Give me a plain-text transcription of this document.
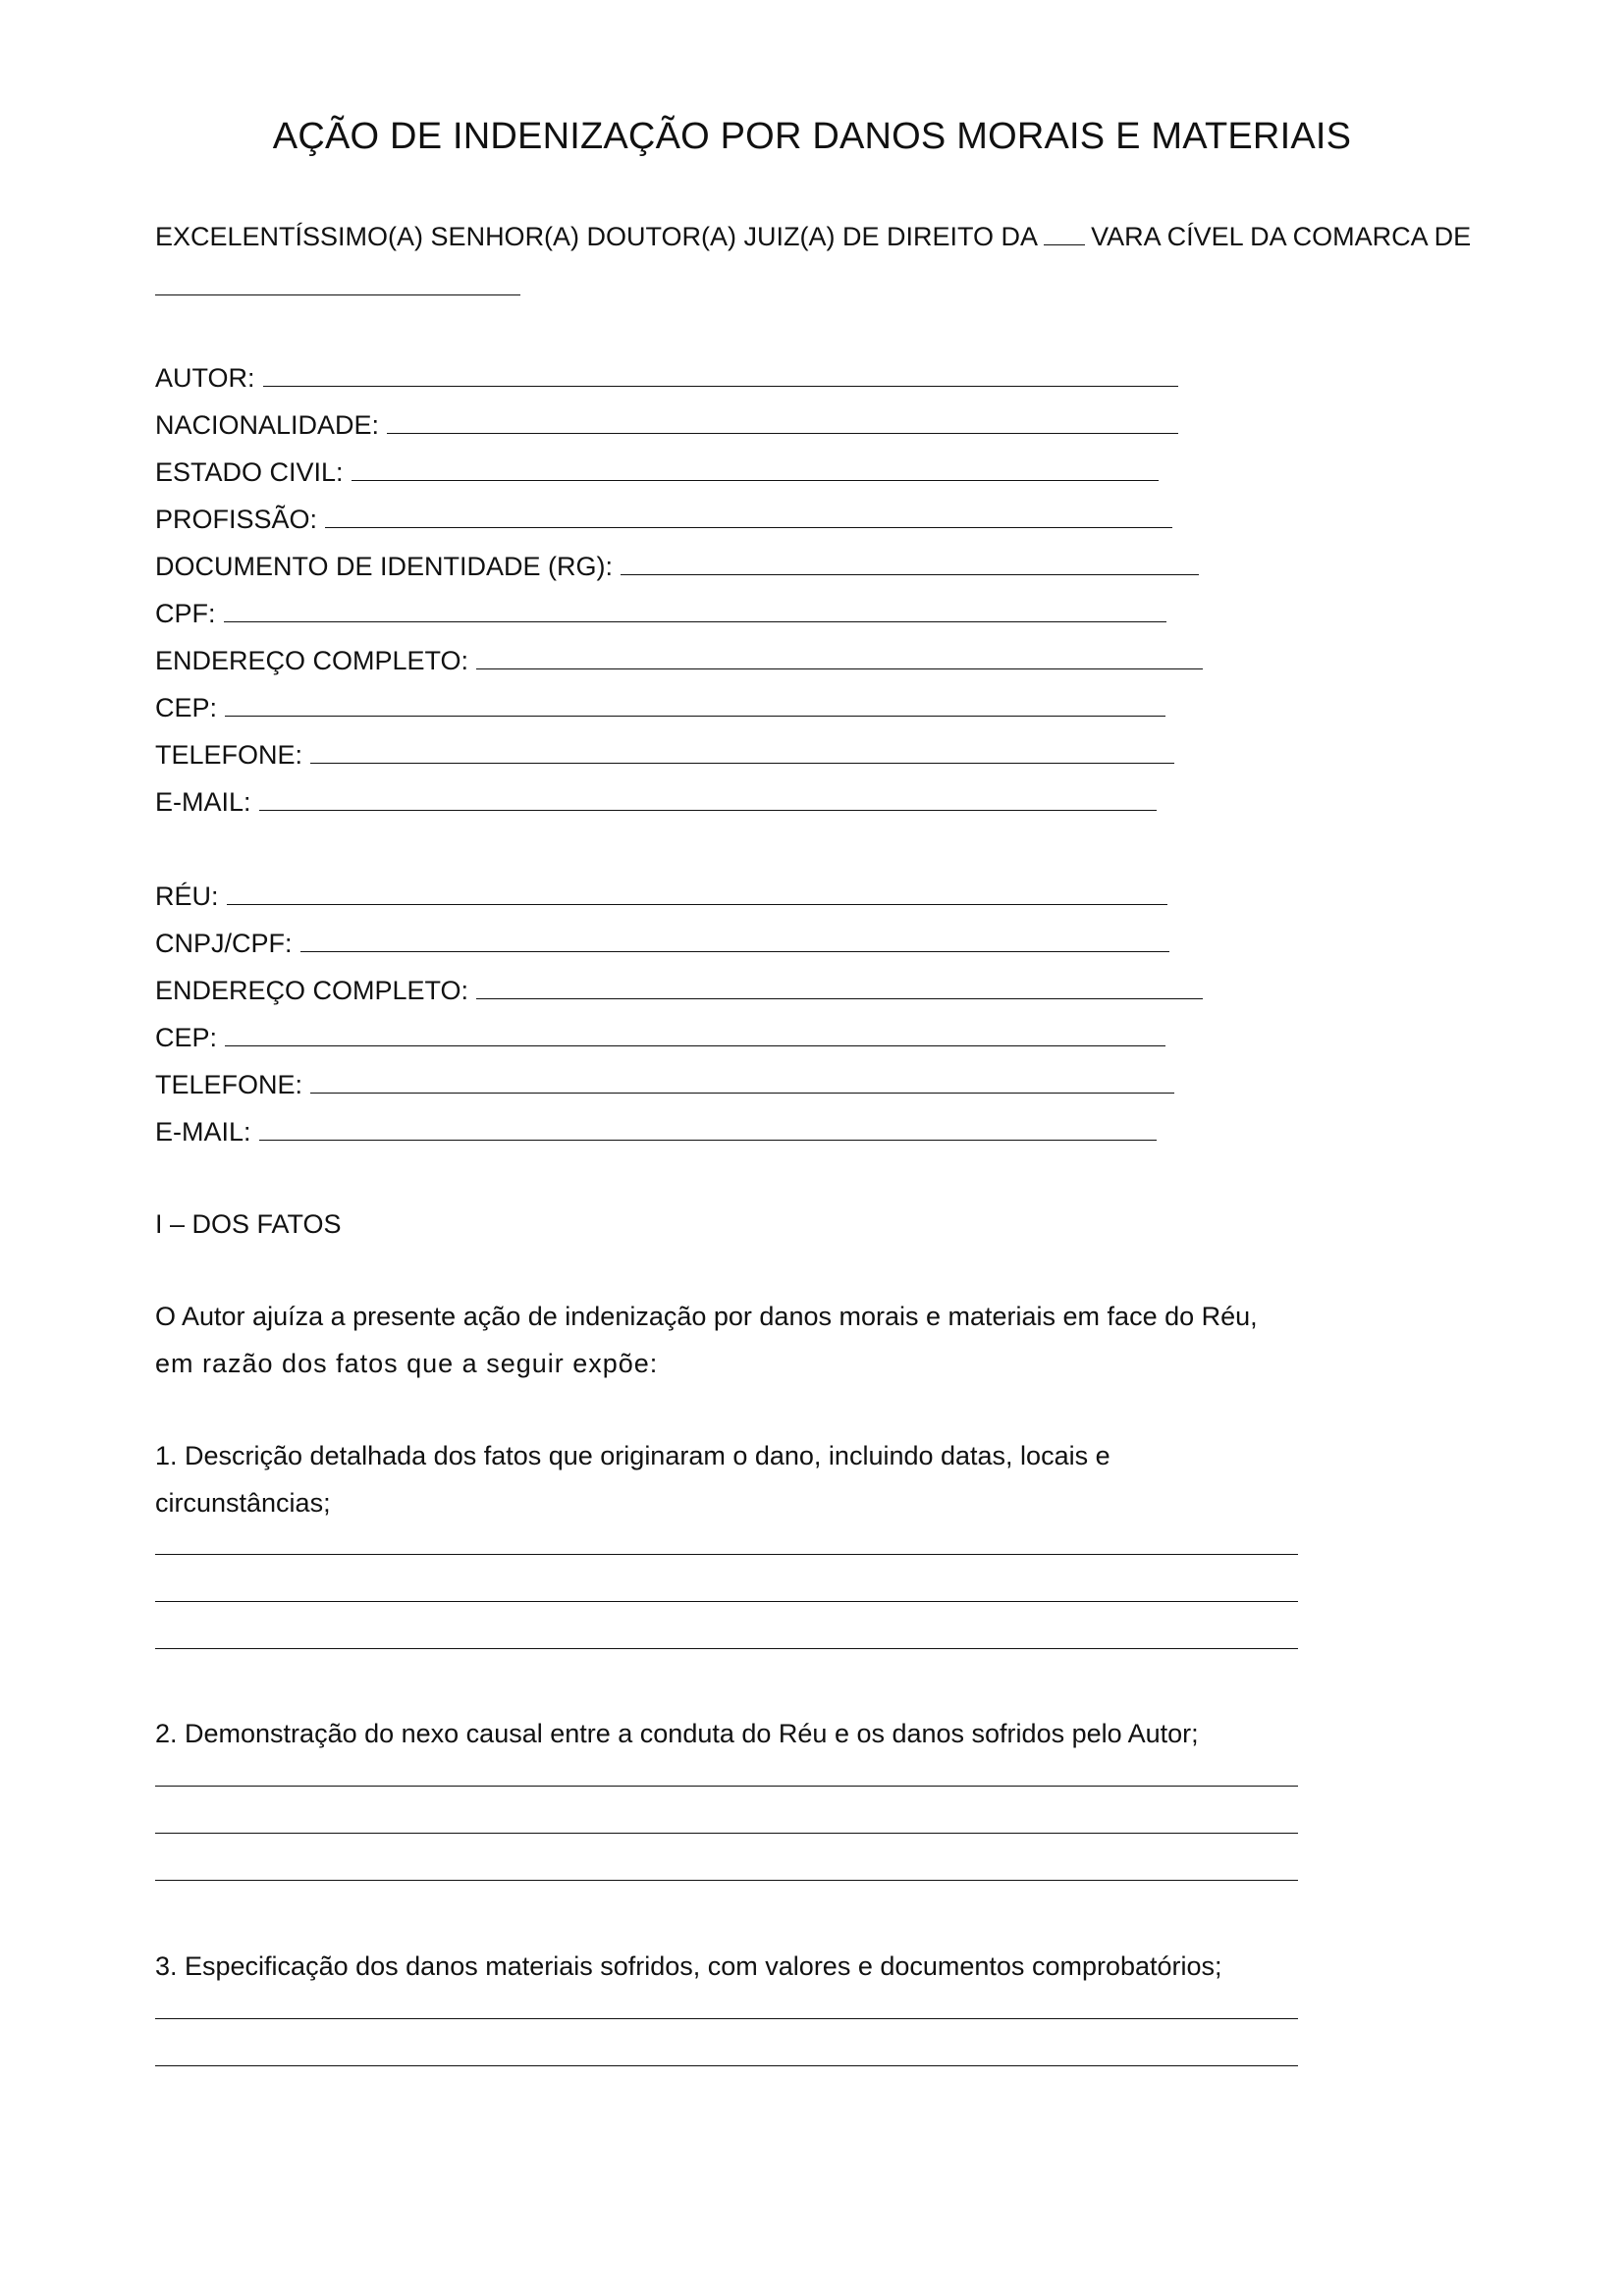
AÇÃO DE INDENIZAÇÃO POR DANOS MORAIS E MATERIAIS
EXCELENTÍSSIMO(A) SENHOR(A) DOUTOR(A) JUIZ(A) DE DIREITO DA VARA CÍVEL DA COMARCA DE
AUTOR:
NACIONALIDADE:
ESTADO CIVIL:
PROFISSÃO:
DOCUMENTO DE IDENTIDADE (RG):
CPF:
ENDEREÇO COMPLETO:
CEP:
TELEFONE:
E-MAIL:
RÉU:
CNPJ/CPF:
ENDEREÇO COMPLETO:
CEP:
TELEFONE:
E-MAIL:
I – DOS FATOS
O Autor ajuíza a presente ação de indenização por danos morais e materiais em face do Réu,
em razão dos fatos que a seguir expõe:
1. Descrição detalhada dos fatos que originaram o dano, incluindo datas, locais e
circunstâncias;
2. Demonstração do nexo causal entre a conduta do Réu e os danos sofridos pelo Autor;
3. Especificação dos danos materiais sofridos, com valores e documentos comprobatórios;
